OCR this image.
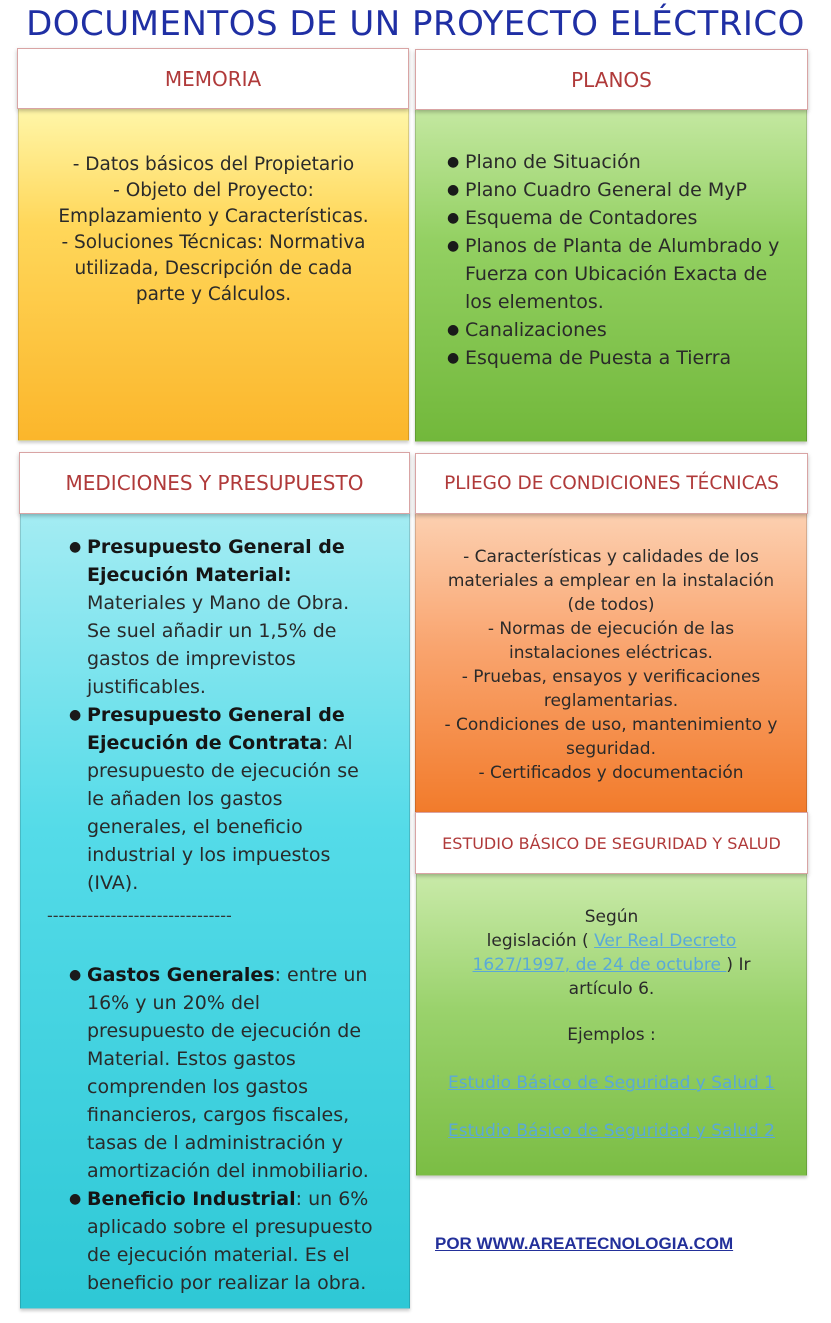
DOCUMENTOS DE UN PROYECTO ELÉCTRICO
MEMORIA
- Datos básicos del Propietario
- Objeto del Proyecto:
Emplazamiento y Características.
- Soluciones Técnicas: Normativa
utilizada, Descripción de cada
parte y Cálculos.
PLANOS
● Plano de Situación
● Plano Cuadro General de MyP
● Esquema de Contadores
● Planos de Planta de Alumbrado y
Fuerza con Ubicación Exacta de
los elementos.
● Canalizaciones
● Esquema de Puesta a Tierra
MEDICIONES Y PRESUPUESTO
● Presupuesto General de
Ejecución Material:
Materiales y Mano de Obra.
Se suel añadir un 1,5% de
gastos de imprevistos
justificables.
● Presupuesto General de
Ejecución de Contrata: Al
presupuesto de ejecución se
le añaden los gastos
generales, el beneficio
industrial y los impuestos
(IVA).
--------------------------------
● Gastos Generales: entre un
16% y un 20% del
presupuesto de ejecución de
Material. Estos gastos
comprenden los gastos
financieros, cargos fiscales,
tasas de l administración y
amortización del inmobiliario.
● Beneficio Industrial: un 6%
aplicado sobre el presupuesto
de ejecución material. Es el
beneficio por realizar la obra.
PLIEGO DE CONDICIONES TÉCNICAS
- Características y calidades de los
materiales a emplear en la instalación
(de todos)
- Normas de ejecución de las
instalaciones eléctricas.
- Pruebas, ensayos y verificaciones
reglamentarias.
- Condiciones de uso, mantenimiento y
seguridad.
- Certificados y documentación
ESTUDIO BÁSICO DE SEGURIDAD Y SALUD
Según
legislación ( Ver Real Decreto
1627/1997, de 24 de octubre ) Ir
artículo 6.
Ejemplos :
Estudio Básico de Seguridad y Salud 1
Estudio Básico de Seguridad y Salud 2
POR WWW.AREATECNOLOGIA.COM
